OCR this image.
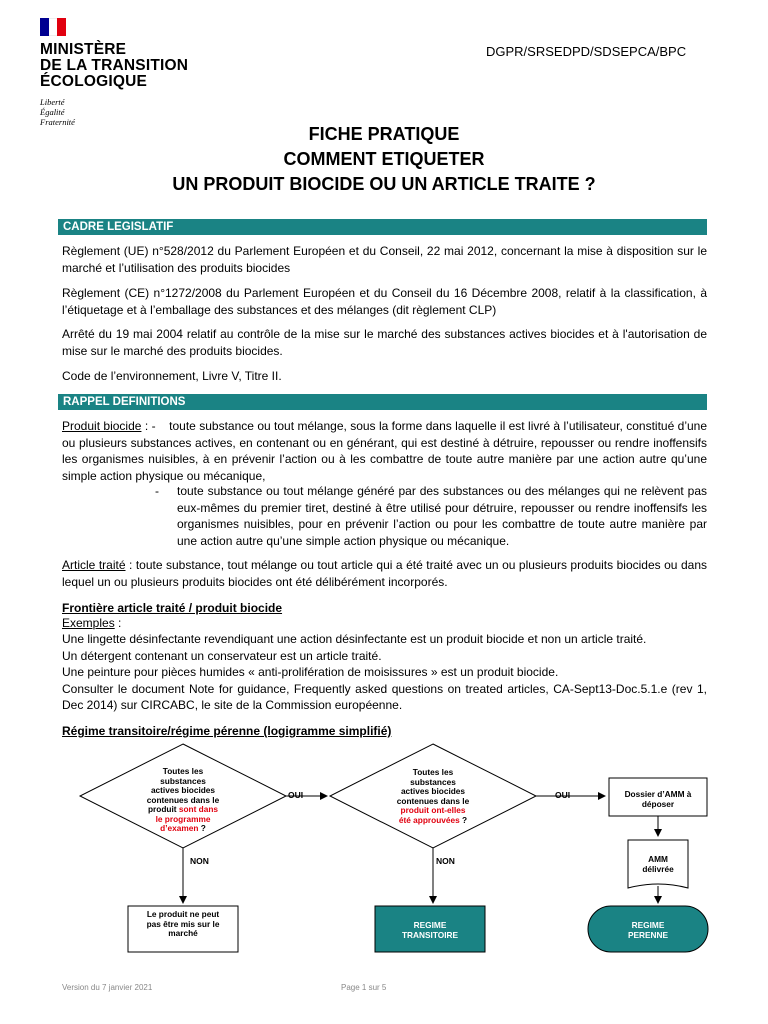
MINISTÈRE
DE LA TRANSITION
ÉCOLOGIQUE
Liberté
Égalité
Fraternité
DGPR/SRSEDPD/SDSEPCA/BPC
FICHE PRATIQUE
COMMENT ETIQUETER
UN PRODUIT BIOCIDE OU UN ARTICLE TRAITE ?
CADRE LEGISLATIF
Règlement (UE) n°528/2012 du Parlement Européen et du Conseil, 22 mai 2012, concernant la mise à disposition sur le marché et l’utilisation des produits biocides
Règlement (CE) n°1272/2008 du Parlement Européen et du Conseil du 16 Décembre 2008, relatif à la classification, à l’étiquetage et à l’emballage des substances et des mélanges (dit règlement CLP)
Arrêté du 19 mai 2004 relatif au contrôle de la mise sur le marché des substances actives biocides et à l'autorisation de mise sur le marché des produits biocides.
Code de l’environnement, Livre V, Titre II.
RAPPEL DEFINITIONS
Produit biocide : - toute substance ou tout mélange, sous la forme dans laquelle il est livré à l’utilisateur, constitué d’une ou plusieurs substances actives, en contenant ou en générant, qui est destiné à détruire, repousser ou rendre inoffensifs les organismes nuisibles, à en prévenir l’action ou à les combattre de toute autre manière par une action autre qu’une simple action physique ou mécanique,
- toute substance ou tout mélange généré par des substances ou des mélanges qui ne relèvent pas eux-mêmes du premier tiret, destiné à être utilisé pour détruire, repousser ou rendre inoffensifs les organismes nuisibles, pour en prévenir l’action ou pour les combattre de toute autre manière par une action autre qu’une simple action physique ou mécanique.
Article traité : toute substance, tout mélange ou tout article qui a été traité avec un ou plusieurs produits biocides ou dans lequel un ou plusieurs produits biocides ont été délibérément incorporés.
Frontière article traité / produit biocide
Exemples :
Une lingette désinfectante revendiquant une action désinfectante est un produit biocide et non un article traité.
Un détergent contenant un conservateur est un article traité.
Une peinture pour pièces humides « anti-prolifération de moisissures » est un produit biocide.
Consulter le document Note for guidance, Frequently asked questions on treated articles, CA-Sept13-Doc.5.1.e (rev 1, Dec 2014) sur CIRCABC, le site de la Commission européenne.
Régime transitoire/régime pérenne (logigramme simplifié)
Toutes les
substances
actives biocides
contenues dans le
produit sont dans
le programme
d’examen ?
Toutes les
substances
actives biocides
contenues dans le
produit ont-elles
été approuvées ?
OUI	OUI
NON	NON
Dossier d’AMM à
déposer
AMM
délivrée
Le produit ne peut
pas être mis sur le
marché
REGIME
TRANSITOIRE
REGIME
PERENNE
Version du 7 janvier 2021	Page 1 sur 5
